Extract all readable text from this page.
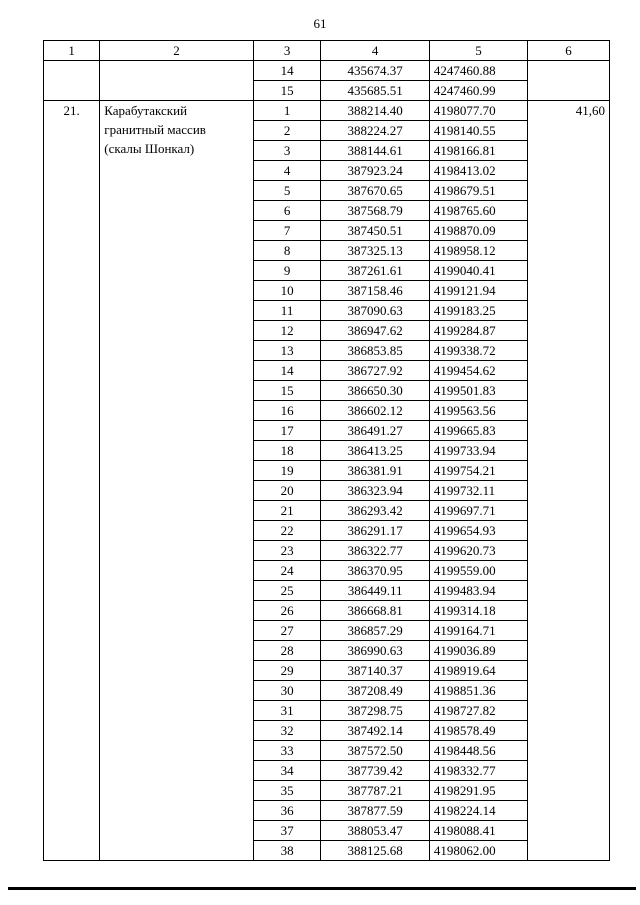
61
1	2	3	4	5	6
		14	435674.37	4247460.88	
		15	435685.51	4247460.99	
21.	Карабутакский
гранитный массив
(скалы Шонкал)	1	388214.40	4198077.70	41,60
		2	388224.27	4198140.55	
		3	388144.61	4198166.81	
		4	387923.24	4198413.02	
		5	387670.65	4198679.51	
		6	387568.79	4198765.60	
		7	387450.51	4198870.09	
		8	387325.13	4198958.12	
		9	387261.61	4199040.41	
		10	387158.46	4199121.94	
		11	387090.63	4199183.25	
		12	386947.62	4199284.87	
		13	386853.85	4199338.72	
		14	386727.92	4199454.62	
		15	386650.30	4199501.83	
		16	386602.12	4199563.56	
		17	386491.27	4199665.83	
		18	386413.25	4199733.94	
		19	386381.91	4199754.21	
		20	386323.94	4199732.11	
		21	386293.42	4199697.71	
		22	386291.17	4199654.93	
		23	386322.77	4199620.73	
		24	386370.95	4199559.00	
		25	386449.11	4199483.94	
		26	386668.81	4199314.18	
		27	386857.29	4199164.71	
		28	386990.63	4199036.89	
		29	387140.37	4198919.64	
		30	387208.49	4198851.36	
		31	387298.75	4198727.82	
		32	387492.14	4198578.49	
		33	387572.50	4198448.56	
		34	387739.42	4198332.77	
		35	387787.21	4198291.95	
		36	387877.59	4198224.14	
		37	388053.47	4198088.41	
		38	388125.68	4198062.00	
